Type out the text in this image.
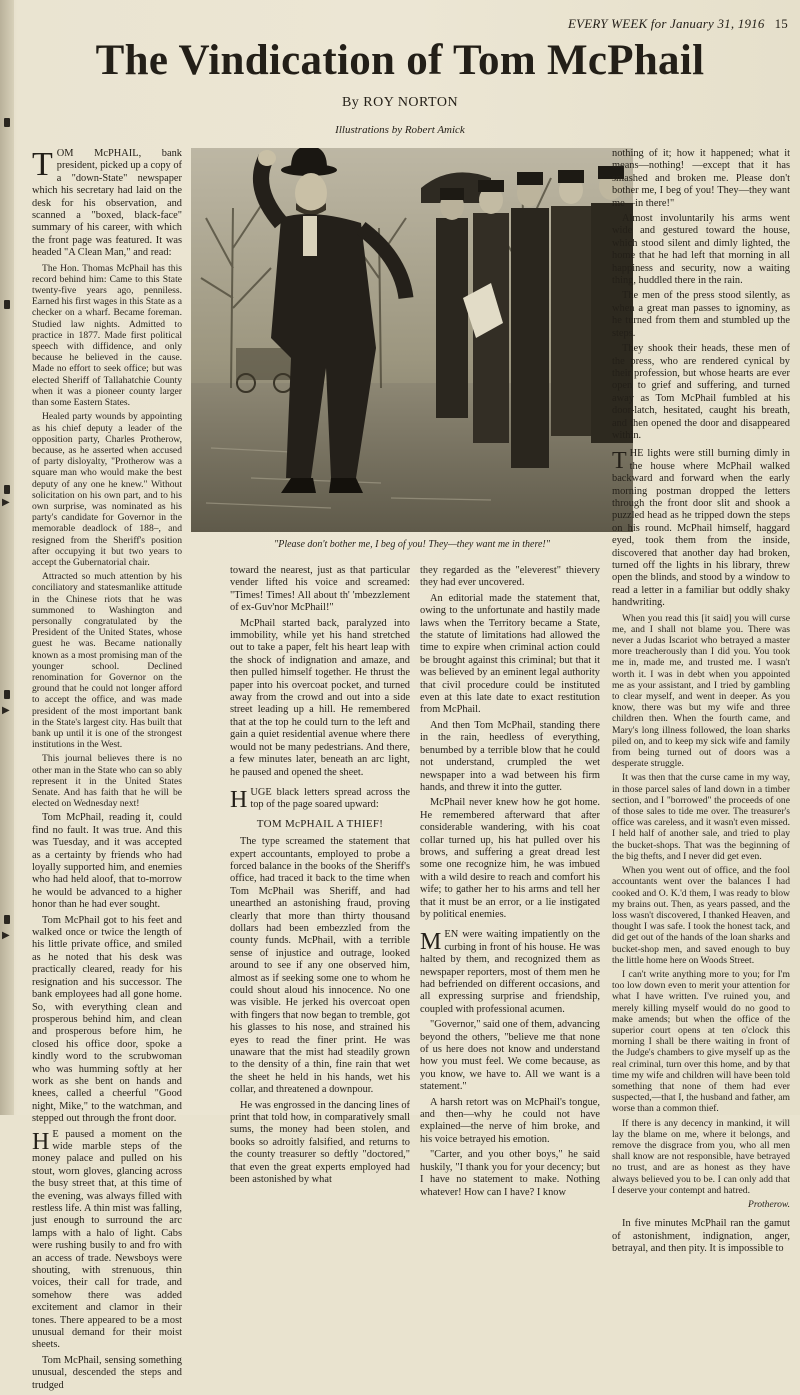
EVERY WEEK for January 31, 1916 15
The Vindication of Tom McPhail
By ROY NORTON
Illustrations by Robert Amick

TOM McPHAIL, bank president, picked up a copy of a "down-State" newspaper which his secretary had laid on the desk for his observation, and scanned a "boxed, black-face" summary of his career, with which the front page was featured. It was headed "A Clean Man," and read:

The Hon. Thomas McPhail has this record behind him: Came to this State twenty-five years ago, penniless. Earned his first wages in this State as a checker on a wharf. Became foreman. Studied law nights. Admitted to practice in 1877. Made first political speech with diffidence, and only because he believed in the cause. Made no effort to seek office; but was elected Sheriff of Tallahatchie County when it was a pioneer county larger than some Eastern States.

Healed party wounds by appointing as his chief deputy a leader of the opposition party, Charles Protherow, because, as he asserted when accused of party disloyalty, "Protherow was a square man who would make the best deputy of any one he knew." Without solicitation on his own part, and to his own surprise, was nominated as his party's candidate for Governor in the memorable deadlock of 188–, and resigned from the Sheriff's position after occupying it but two years to accept the Gubernatorial chair.

Attracted so much attention by his conciliatory and statesmanlike attitude in the Chinese riots that he was summoned to Washington and personally congratulated by the President of the United States, whose guest he was. Became nationally known as a most promising man of the younger school. Declined renomination for Governor on the ground that he could not longer afford to accept the office, and was made president of the most important bank in the State's largest city. Has built that bank up until it is one of the strongest institutions in the West.

This journal believes there is no other man in the State who can so ably represent it in the United States Senate. And has faith that he will be elected on Wednesday next!

Tom McPhail, reading it, could find no fault. It was true. And this was Tuesday, and it was accepted as a certainty by friends who had loyally supported him, and enemies who had held aloof, that to-morrow he would be advanced to a higher honor than he had ever sought.

Tom McPhail got to his feet and walked once or twice the length of his little private office, and smiled as he noted that his desk was practically cleared, ready for his resignation and his successor. The bank employees had all gone home. So, with everything clean and prosperous behind him, and clean and prosperous before him, he closed his office door, spoke a kindly word to the scrubwoman who was humming softly at her work as she bent on hands and knees, called a cheerful "Good night, Mike," to the watchman, and stepped out through the front door.

H E paused a moment on the wide marble steps of the money palace and pulled on his stout, worn gloves, glancing across the busy street that, at this time of the evening, was always filled with restless life. A thin mist was falling, just enough to surround the arc lamps with a halo of light. Cabs were rushing busily to and fro with an access of trade. Newsboys were shouting, with strenuous, thin voices, their call for trade, and somehow there was added excitement and clamor in their tones. There appeared to be a most unusual demand for their moist sheets.

Tom McPhail, sensing something unusual, descended the steps and trudged

"Please don't bother me, I beg of you! They—they want me in there!"

toward the nearest, just as that particular vender lifted his voice and screamed: "Times! Times! All about th' 'mbezzlement of ex-Guv'nor McPhail!"

McPhail started back, paralyzed into immobility, while yet his hand stretched out to take a paper, felt his heart leap with the shock of indignation and amaze, and then pulled himself together. He thrust the paper into his overcoat pocket, and turned away from the crowd and out into a side street leading up a hill. He remembered that at the top he could turn to the left and gain a quiet residential avenue where there would not be many pedestrians. And there, a few minutes later, beneath an arc light, he paused and opened the sheet.

HUGE black letters spread across the top of the page soared upward:

TOM McPHAIL A THIEF!

The type screamed the statement that expert accountants, employed to probe a forced balance in the books of the Sheriff's office, had traced it back to the time when Tom McPhail was Sheriff, and had unearthed an astonishing fraud, proving clearly that more than thirty thousand dollars had been embezzled from the county funds. McPhail, with a terrible sense of injustice and outrage, looked around to see if any one observed him, almost as if seeking some one to whom he could shout aloud his innocence. No one was visible. He jerked his overcoat open with fingers that now began to tremble, got his glasses to his nose, and strained his eyes to read the finer print. He was unaware that the mist had steadily grown to the density of a thin, fine rain that wet the sheet he held in his hands, wet his collar, and threatened a downpour.

He was engrossed in the dancing lines of print that told how, in comparatively small sums, the money had been stolen, and books so adroitly falsified, and returns to the county treasurer so deftly "doctored," that even the great experts employed had been astonished by what

they regarded as the "eleverest" thievery they had ever uncovered.

An editorial made the statement that, owing to the unfortunate and hastily made laws when the Territory became a State, the statute of limitations had allowed the time to expire when criminal action could be brought against this criminal; but that it was believed by an eminent legal authority that civil procedure could be instituted even at this late date to exact restitution from McPhail.

And then Tom McPhail, standing there in the rain, heedless of everything, benumbed by a terrible blow that he could not understand, crumpled the wet newspaper into a wad between his firm hands, and threw it into the gutter.

McPhail never knew how he got home. He remembered afterward that after considerable wandering, with his coat collar turned up, his hat pulled over his brows, and suffering a great dread lest some one recognize him, he was imbued with a wild desire to reach and comfort his wife; to gather her to his arms and tell her that it must be an error, or a lie instigated by political enemies.

MEN were waiting impatiently on the curbing in front of his house. He was halted by them, and recognized them as newspaper reporters, most of them men he had befriended on different occasions, and all expressing surprise and friendship, coupled with professional acumen.

"Governor," said one of them, advancing beyond the others, "believe me that none of us here does not know and understand how you must feel. We come because, as you know, we have to. All we want is a statement."

A harsh retort was on McPhail's tongue, and then—why he could not have explained—the nerve of him broke, and his voice betrayed his emotion.

"Carter, and you other boys," he said huskily, "I thank you for your decency; but I have no statement to make. Nothing whatever! How can I have? I know

nothing of it; how it happened; what it means—nothing! —except that it has smashed and broken me. Please don't bother me, I beg of you! They—they want me—in there!"

Almost involuntarily his arms went wide and gestured toward the house, which stood silent and dimly lighted, the home that he had left that morning in all happiness and security, now a waiting thing, huddled there in the rain.

The men of the press stood silently, as when a great man passes to ignominy, as he turned from them and stumbled up the steps.

They shook their heads, these men of the press, who are rendered cynical by their profession, but whose hearts are ever open to grief and suffering, and turned away as Tom McPhail fumbled at his door-latch, hesitated, caught his breath, and then opened the door and disappeared within.

THE lights were still burning dimly in the house where McPhail walked backward and forward when the early morning postman dropped the letters through the front door slit and shook a puzzled head as he tripped down the steps on his round. McPhail himself, haggard eyed, took them from the inside, discovered that another day had broken, turned off the lights in his library, threw open the blinds, and stood by a window to read a letter in a familiar but oddly shaky handwriting.

When you read this [it said] you will curse me, and I shall not blame you. There was never a Judas Iscariot who betrayed a master more treacherously than I did you. You took me in, made me, and trusted me. I wasn't worth it. I was in debt when you appointed me as your assistant, and I tried by gambling to clear myself, and went in deeper. As you know, there was but my wife and three children then. When the fourth came, and Mary's long illness followed, the loan sharks piled on, and to keep my sick wife and family from being turned out of doors was a desperate struggle.

It was then that the curse came in my way, in those parcel sales of land down in a timber section, and I "borrowed" the proceeds of one of those sales to tide me over. The treasurer's office was careless, and it wasn't even missed. I held half of another sale, and tried to play the bucket-shops. That was the beginning of the big thefts, and I never did get even.

When you went out of office, and the fool accountants went over the balances I had cooked and O. K.'d them, I was ready to blow my brains out. Then, as years passed, and the loss wasn't discovered, I thanked Heaven, and thought I was safe. I took the honest tack, and did get out of the hands of the loan sharks and bucket-shop men, and saved enough to buy the little home here on Woods Street.

I can't write anything more to you; for I'm too low down even to merit your attention for what I have written. I've ruined you, and merely killing myself would do no good to make amends; but when the office of the superior court opens at ten o'clock this morning I shall be there waiting in front of the Judge's chambers to give myself up as the real criminal, turn over this home, and by that time my wife and children will have been told something that none of them had ever suspected,—that I, the husband and father, am worse than a common thief.

If there is any decency in mankind, it will lay the blame on me, where it belongs, and remove the disgrace from you, who all men shall know are not responsible, have betrayed no trust, and are as honest as they have always believed you to be. I can only add that I deserve your contempt and hatred.

Protherow.

In five minutes McPhail ran the gamut of astonishment, indignation, anger, betrayal, and then pity. It is impossible to

▶
▶
▶
